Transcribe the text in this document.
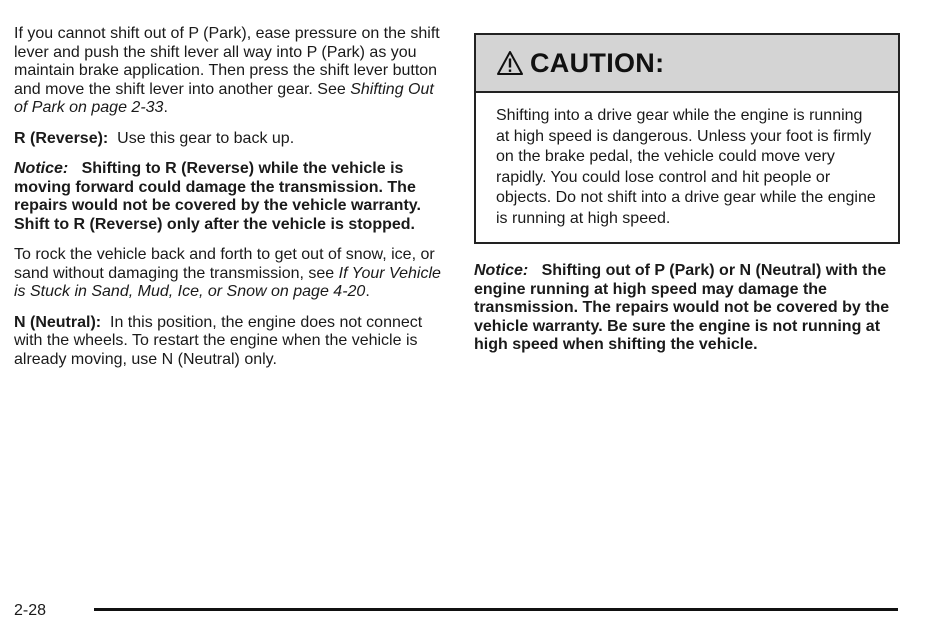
If you cannot shift out of P (Park), ease pressure on the shift lever and push the shift lever all way into P (Park) as you maintain brake application. Then press the shift lever button and move the shift lever into another gear. See Shifting Out of Park on page 2-33.

R (Reverse): Use this gear to back up.

Notice: Shifting to R (Reverse) while the vehicle is moving forward could damage the transmission. The repairs would not be covered by the vehicle warranty. Shift to R (Reverse) only after the vehicle is stopped.

To rock the vehicle back and forth to get out of snow, ice, or sand without damaging the transmission, see If Your Vehicle is Stuck in Sand, Mud, Ice, or Snow on page 4-20.

N (Neutral): In this position, the engine does not connect with the wheels. To restart the engine when the vehicle is already moving, use N (Neutral) only.

CAUTION:
Shifting into a drive gear while the engine is running at high speed is dangerous. Unless your foot is firmly on the brake pedal, the vehicle could move very rapidly. You could lose control and hit people or objects. Do not shift into a drive gear while the engine is running at high speed.

Notice: Shifting out of P (Park) or N (Neutral) with the engine running at high speed may damage the transmission. The repairs would not be covered by the vehicle warranty. Be sure the engine is not running at high speed when shifting the vehicle.

2-28
